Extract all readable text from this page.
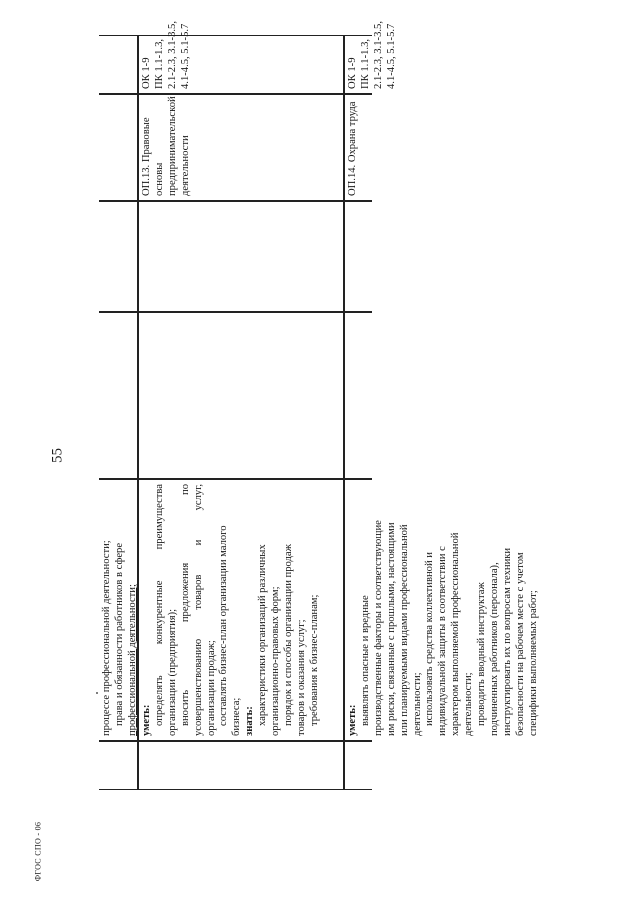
55
ФГОС СПО - 06
процессе профессиональной деятельности; права и обязанности работников в сфере профессиональной деятельности; уметь: определять конкурентные преимущества организации (предприятия); вносить предложения по усовершенствованию товаров и услуг, организации продаж; составлять бизнес-план организации малого бизнеса; знать: характеристики организаций различных организационно-правовых форм; порядок и способы организации продаж товаров и оказания услуг; требования к бизнес-планам;
ОП.13. Правовые основы предпринимательской деятельности
ОК 1-9 ПК 1.1-1.3, 2.1-2.3, 3.1-3.5, 4.1-4.5, 5.1-5.7
уметь: выявлять опасные и вредные производственные факторы и соответствующие им риски, связанные с прошлыми, настоящими или планируемыми видами профессиональной деятельности; использовать средства коллективной и индивидуальной защиты в соответствии с характером выполняемой профессиональной деятельности; проводить вводный инструктаж подчиненных работников (персонала), инструктировать их по вопросам техники безопасности на рабочем месте с учетом специфики выполняемых работ;
ОП.14. Охрана труда
ОК 1-9 ПК 1.1-1.3, 2.1-2.3, 3.1-3.5, 4.1-4.5, 5.1-5.7
